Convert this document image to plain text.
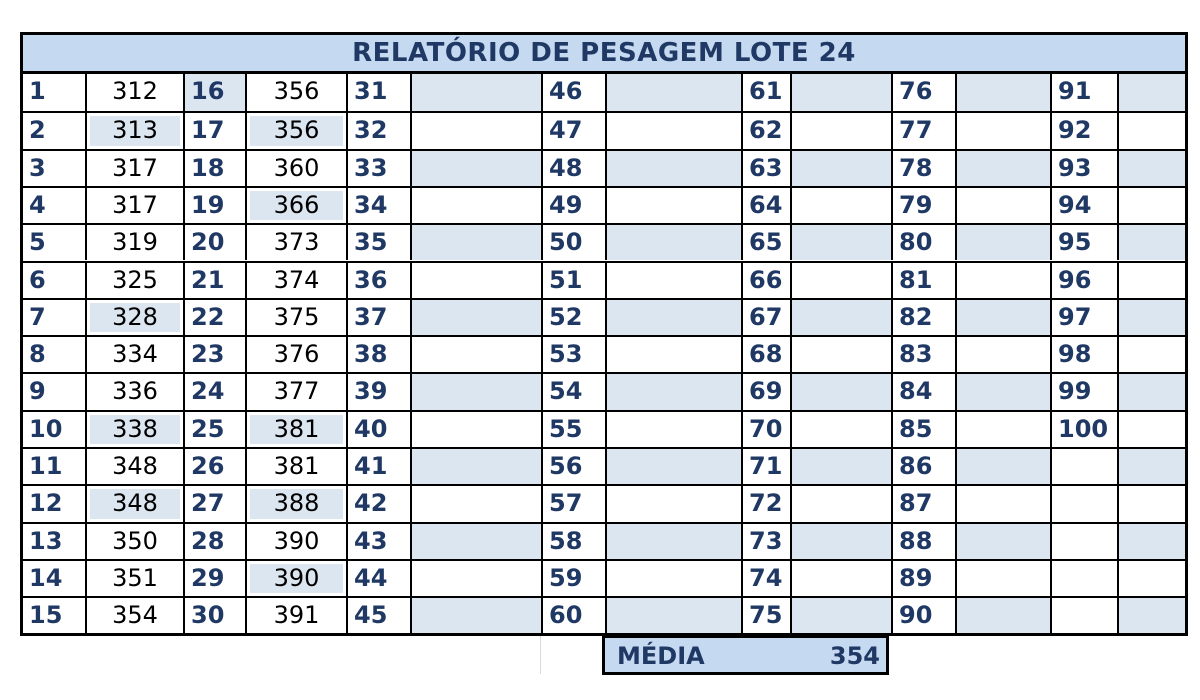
RELATÓRIO DE PESAGEM LOTE 24
1	312	16	356	31	46	61	76	91
2	313	17	356	32	47	62	77	92
3	317	18	360	33	48	63	78	93
4	317	19	366	34	49	64	79	94
5	319	20	373	35	50	65	80	95
6	325	21	374	36	51	66	81	96
7	328	22	375	37	52	67	82	97
8	334	23	376	38	53	68	83	98
9	336	24	377	39	54	69	84	99
10	338	25	381	40	55	70	85	100
11	348	26	381	41	56	71	86
12	348	27	388	42	57	72	87
13	350	28	390	43	58	73	88
14	351	29	390	44	59	74	89
15	354	30	391	45	60	75	90
MÉDIA	354
